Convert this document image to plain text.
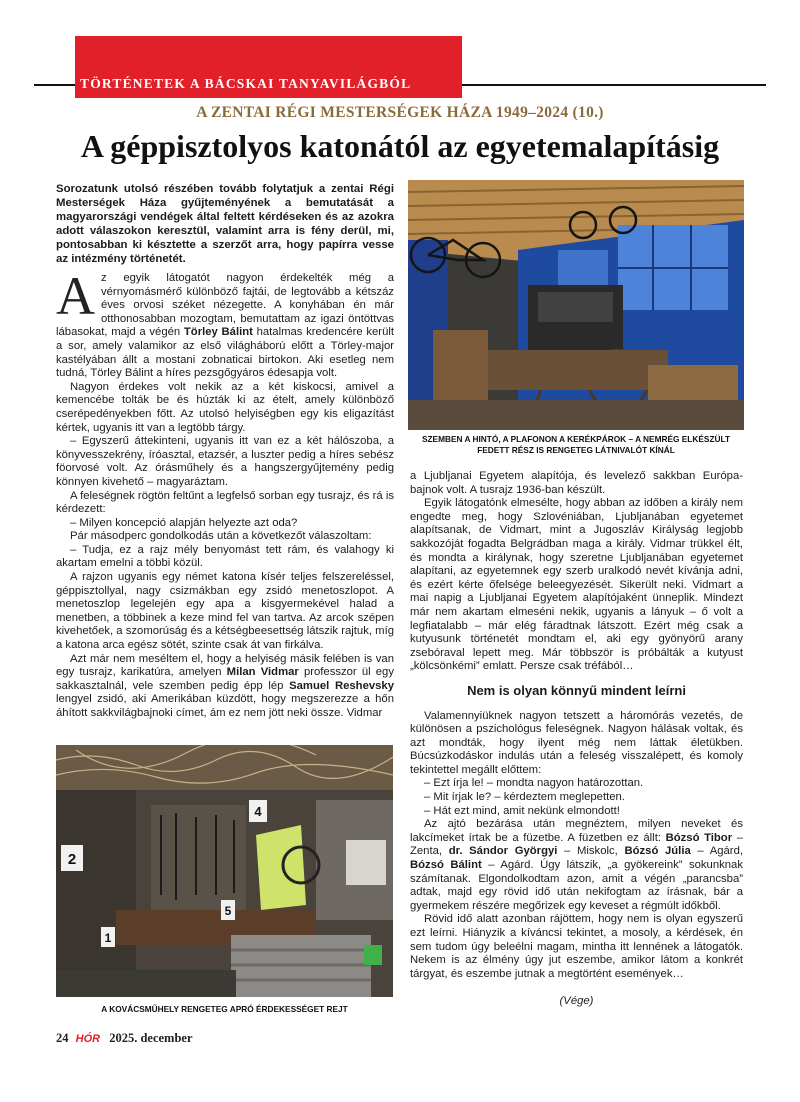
TÖRTÉNETEK A BÁCSKAI TANYAVILÁGBÓL
A ZENTAI RÉGI MESTERSÉGEK HÁZA 1949–2024 (10.)
A géppisztolyos katonától az egyetemalapításig

Sorozatunk utolsó részében tovább folytatjuk a zentai Régi Mesterségek Háza gyűjteményének a bemutatását a magyarországi vendégek által feltett kérdéseken és az azokra adott válaszokon keresztül, valamint arra is fény derül, mi, pontosabban ki késztette a szerzőt arra, hogy papírra vesse az intézmény történetét.

Az egyik látogatót nagyon érdekelték még a vérnyomásmérő különböző fajtái, de legtovább a kétszáz éves orvosi széket nézegette. A konyhában én már otthonosabban mozogtam, bemutattam az igazi öntöttvas lábasokat, majd a végén Törley Bálint hatalmas kredencére került a sor, amely valamikor az első világháború előtt a Törley-major kastélyában állt a mostani zobnaticai birtokon. Aki esetleg nem tudná, Törley Bálint a híres pezsgőgyáros édesapja volt.

Nagyon érdekes volt nekik az a két kiskocsi, amivel a kemencébe tolták be és húzták ki az ételt, amely különböző cserépedényekben főtt. Az utolsó helyiségben egy kis eligazítást kértek, ugyanis itt van a legtöbb tárgy.

– Egyszerű áttekinteni, ugyanis itt van ez a két hálószoba, a könyvesszekrény, íróasztal, etazsér, a luszter pedig a híres sebész föorvosé volt. Az órásműhely és a hangszergyűjtemény pedig könnyen kivehető – magyaráztam.

A feleségnek rögtön feltűnt a legfelső sorban egy tusrajz, és rá is kérdezett:

– Milyen koncepció alapján helyezte azt oda?

Pár másodperc gondolkodás után a következőt válaszoltam:

– Tudja, ez a rajz mély benyomást tett rám, és valahogy ki akartam emelni a többi közül.

A rajzon ugyanis egy német katona kísér teljes felszereléssel, géppisztollyal, nagy csizmákban egy zsidó menetoszlopot. A menetoszlop legelején egy apa a kisgyermekével halad a menetben, a többinek a keze mind fel van tartva. Az arcok szépen kivehetőek, a szomorúság és a kétségbeesettség látszik rajtuk, míg a katona arca egész sötét, szinte csak át van firkálva.

Azt már nem meséltem el, hogy a helyiség másik felében is van egy tusrajz, karikatúra, amelyen Milan Vidmar professzor ül egy sakkasztalnál, vele szemben pedig épp lép Samuel Reshevsky lengyel zsidó, aki Amerikában küzdött, hogy megszerezze a hőn áhított sakkvilágbajnoki címet, ám ez nem jött neki össze. Vidmar

SZEMBEN A HINTÓ, A PLAFONON A KERÉKPÁROK – A NEMRÉG ELKÉSZÜLT FEDETT RÉSZ IS RENGETEG LÁTNIVALÓT KÍNÁL

a Ljubljanai Egyetem alapítója, és levelező sakkban Európa-bajnok volt. A tusrajz 1936-ban készült.

Egyik látogatónk elmesélte, hogy abban az időben a király nem engedte meg, hogy Szlovéniában, Ljubljanában egyetemet alapítsanak, de Vidmart, mint a Jugoszláv Királyság legjobb sakkozóját fogadta Belgrádban maga a király. Vidmar trükkel élt, és mondta a királynak, hogy szeretne Ljubljanában egyetemet alapítani, az egyetemnek egy szerb uralkodó nevét kívánja adni, és ezért kérte őfelsége beleegyezését. Sikerült neki. Vidmart a mai napig a Ljubljanai Egyetem alapítójaként ünneplik. Mindezt már nem akartam elmeséni nekik, ugyanis a lányuk – ő volt a legfiatalabb – már elég fáradtnak látszott. Ezért még csak a kutyusunk történetét mondtam el, aki egy gyönyörű arany zsebóraval lepett meg. Már többször is próbálták a kutyust „kölcsönkémi” emlatt. Persze csak tréfából…

Nem is olyan könnyű mindent leírni

Valamennyiüknek nagyon tetszett a háromórás vezetés, de különösen a pszichológus feleségnek. Nagyon hálásak voltak, és azt mondták, hogy ilyent még nem láttak életükben. Búcsúzkodáskor indulás után a feleség visszalépett, és komoly tekintettel megállt előttem:

– Ezt írja le! – mondta nagyon határozottan.

– Mit írjak le? – kérdeztem meglepetten.

– Hát ezt mind, amit nekünk elmondott!

Az ajtó bezárása után megnéztem, milyen neveket és lakcímeket írtak be a füzetbe. A füzetben ez állt: Bózsó Tibor – Zenta, dr. Sándor Györgyi – Miskolc, Bózsó Júlia – Agárd, Bózsó Bálint – Agárd. Úgy látszik, „a gyökereink” sokunknak számítanak. Elgondolkodtam azon, amit a végén „parancsba” adtak, majd egy rövid idő után nekifogtam az írásnak, bár a gyermekem részére megőrizek egy keveset a régmúlt időkből.

Rövid idő alatt azonban rájöttem, hogy nem is olyan egyszerű ezt leírni. Hiányzik a kíváncsi tekintet, a mosoly, a kérdések, én sem tudom úgy beleélni magam, mintha itt lennének a látogatók. Nekem is az élmény úgy jut eszembe, amikor látom a konkrét tárgyat, és eszembe jutnak a megtörtént események…

(Vége)

2
4
5
1
A KOVÁCSMŰHELY RENGETEG APRÓ ÉRDEKESSÉGET REJT
24 HÓR 2025. december
